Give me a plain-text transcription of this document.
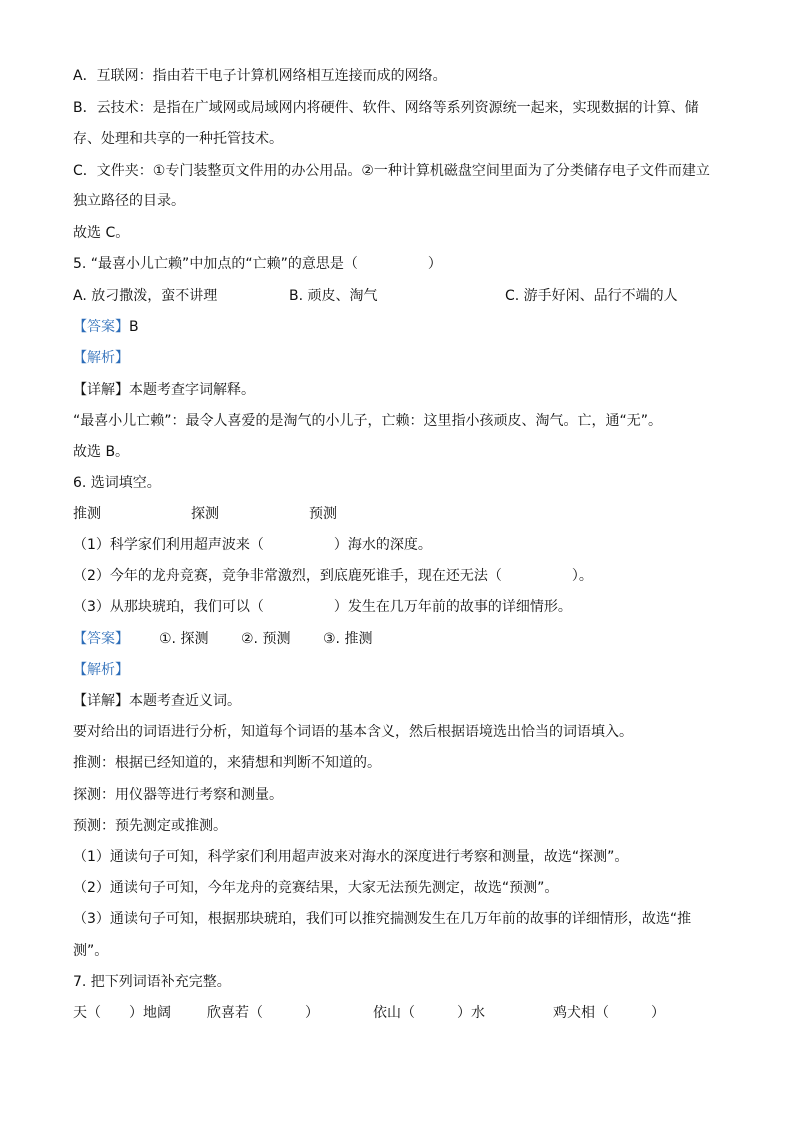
A．互联网：指由若干电子计算机网络相互连接而成的网络。
B．云技术：是指在广域网或局域网内将硬件、软件、网络等系列资源统一起来，实现数据的计算、储
存、处理和共享的一种托管技术。
C．文件夹：①专门装整页文件用的办公用品。②一种计算机磁盘空间里面为了分类储存电子文件而建立
独立路径的目录。
故选 C。
5. “最喜小儿亡赖”中加点的“亡赖”的意思是（　　　　　）
A. 放刁撒泼，蛮不讲理	B. 顽皮、淘气	C. 游手好闲、品行不端的人
【答案】B
【解析】
【详解】本题考查字词解释。
“最喜小儿亡赖”：最令人喜爱的是淘气的小儿子，亡赖：这里指小孩顽皮、淘气。亡，通“无”。
故选 B。
6. 选词填空。
推测	探测	预测
（1）科学家们利用超声波来（　　　　　）海水的深度。
（2）今年的龙舟竞赛，竞争非常激烈，到底鹿死谁手，现在还无法（　　　　　）。
（3）从那块琥珀，我们可以（　　　　　）发生在几万年前的故事的详细情形。
【答案】 ①. 探测 ②. 预测 ③. 推测
【解析】
【详解】本题考查近义词。
要对给出的词语进行分析，知道每个词语的基本含义，然后根据语境选出恰当的词语填入。
推测：根据已经知道的，来猜想和判断不知道的。
探测：用仪器等进行考察和测量。
预测：预先测定或推测。
（1）通读句子可知，科学家们利用超声波来对海水的深度进行考察和测量，故选“探测”。
（2）通读句子可知，今年龙舟的竞赛结果，大家无法预先测定，故选“预测”。
（3）通读句子可知，根据那块琥珀，我们可以推究揣测发生在几万年前的故事的详细情形，故选“推
测”。
7. 把下列词语补充完整。
天（　　）地阔	欣喜若（　　　）	依山（　　　）水	鸡犬相（　　　）
